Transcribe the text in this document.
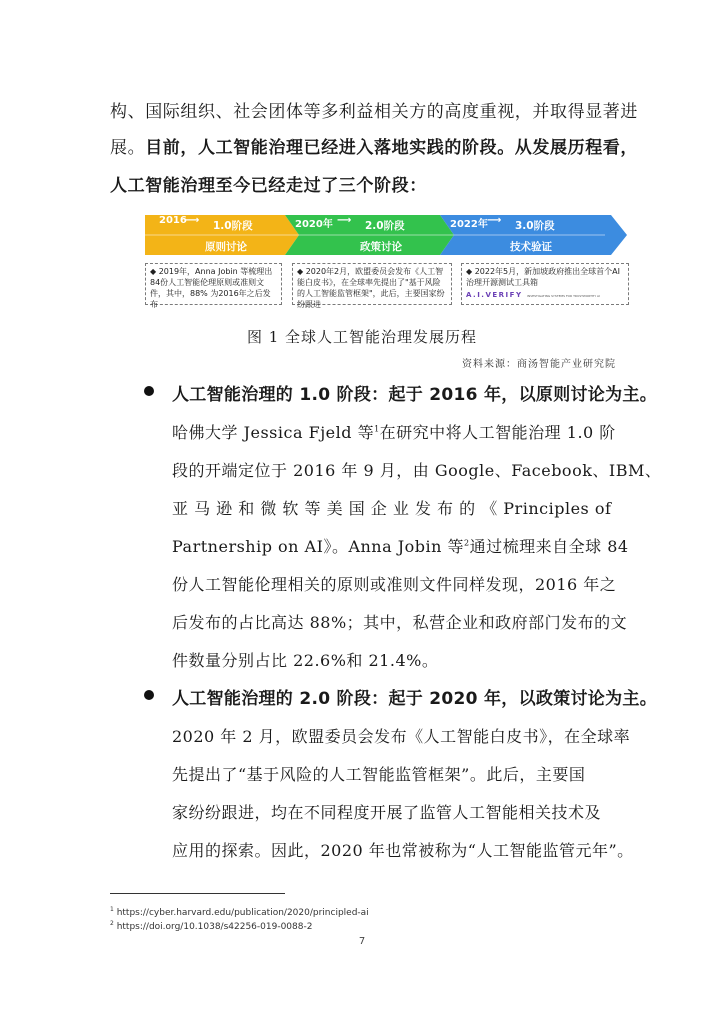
构、国际组织、社会团体等多利益相关方的高度重视，并取得显著进
展。目前，人工智能治理已经进入落地实践的阶段。从发展历程看，
人工智能治理至今已经走过了三个阶段：
2016
⟶ 1.0阶段
原则讨论
2020年 ⟶ 2.0阶段
政策讨论
2022年 ⟶ 3.0阶段
技术验证
◆ 2019年，Anna Jobin 等梳理出84份人工智能伦理原则或准则文件，其中，88% 为2016年之后发布
◆ 2020年2月，欧盟委员会发布《人工智能白皮书》，在全球率先提出了"基于风险的人工智能监管框架"，此后，主要国家纷纷跟进
◆ 2022年5月，新加坡政府推出全球首个AI治理开源测试工具箱
A.I.VERIFY INVESTIGATING SYSTEMS FOR TRUSTWORTHY AI
图 1 全球人工智能治理发展历程
资料来源：商汤智能产业研究院
人工智能治理的 1.0 阶段：起于 2016 年，以原则讨论为主。
哈佛大学 Jessica Fjeld 等$^1$在研究中将人工智能治理 1.0 阶
段的开端定位于 2016 年 9 月，由 Google、Facebook、IBM、
亚 马 逊 和 微 软 等 美 国 企 业 发 布 的 《 Principles of
Partnership on AI》。Anna Jobin 等$^2$通过梳理来自全球 84
份人工智能伦理相关的原则或准则文件同样发现，2016 年之
后发布的占比高达 88%；其中，私营企业和政府部门发布的文
件数量分别占比 22.6%和 21.4%。
人工智能治理的 2.0 阶段：起于 2020 年，以政策讨论为主。
2020 年 2 月，欧盟委员会发布《人工智能白皮书》，在全球率
先提出了“基于风险的人工智能监管框架”。此后，主要国
家纷纷跟进，均在不同程度开展了监管人工智能相关技术及
应用的探索。因此，2020 年也常被称为“人工智能监管元年”。
$^1$ https://cyber.harvard.edu/publication/2020/principled-ai
$^2$ https://doi.org/10.1038/s42256-019-0088-2
7
